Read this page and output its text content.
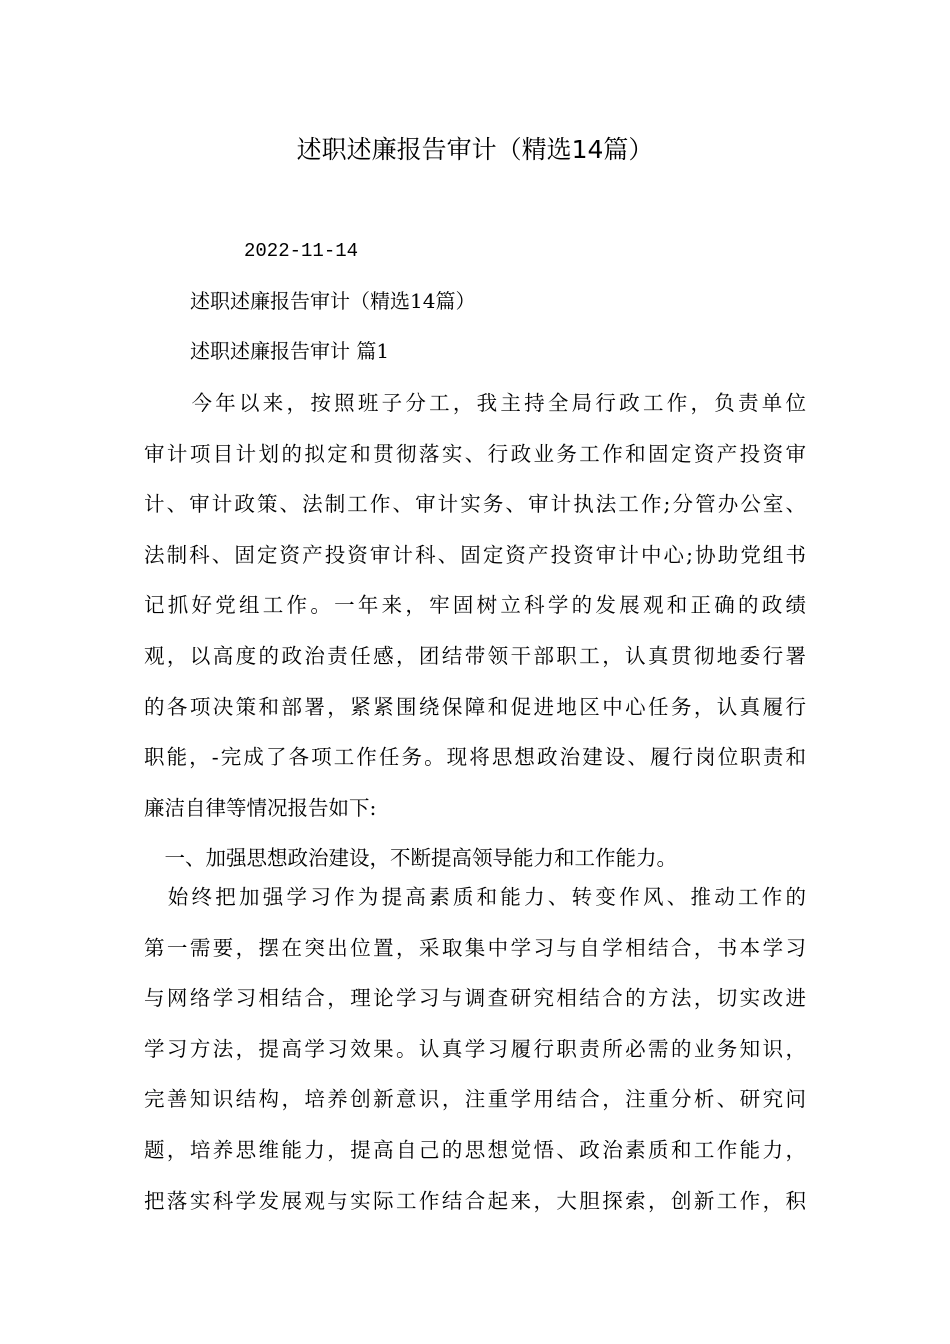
述职述廉报告审计（精选14篇）
2022-11-14
述职述廉报告审计（精选14篇）
述职述廉报告审计 篇1
　　今年以来，按照班子分工，我主持全局行政工作，负责单位
审计项目计划的拟定和贯彻落实、行政业务工作和固定资产投资审
计、审计政策、法制工作、审计实务、审计执法工作;分管办公室、
法制科、固定资产投资审计科、固定资产投资审计中心;协助党组书
记抓好党组工作。一年来，牢固树立科学的发展观和正确的政绩
观，以高度的政治责任感，团结带领干部职工，认真贯彻地委行署
的各项决策和部署，紧紧围绕保障和促进地区中心任务，认真履行
职能，-完成了各项工作任务。现将思想政治建设、履行岗位职责和
廉洁自律等情况报告如下:
　一、加强思想政治建设，不断提高领导能力和工作能力。
　始终把加强学习作为提高素质和能力、转变作风、推动工作的
第一需要，摆在突出位置，采取集中学习与自学相结合，书本学习
与网络学习相结合，理论学习与调查研究相结合的方法，切实改进
学习方法，提高学习效果。认真学习履行职责所必需的业务知识，
完善知识结构，培养创新意识，注重学用结合，注重分析、研究问
题，培养思维能力，提高自己的思想觉悟、政治素质和工作能力，
把落实科学发展观与实际工作结合起来，大胆探索，创新工作，积
